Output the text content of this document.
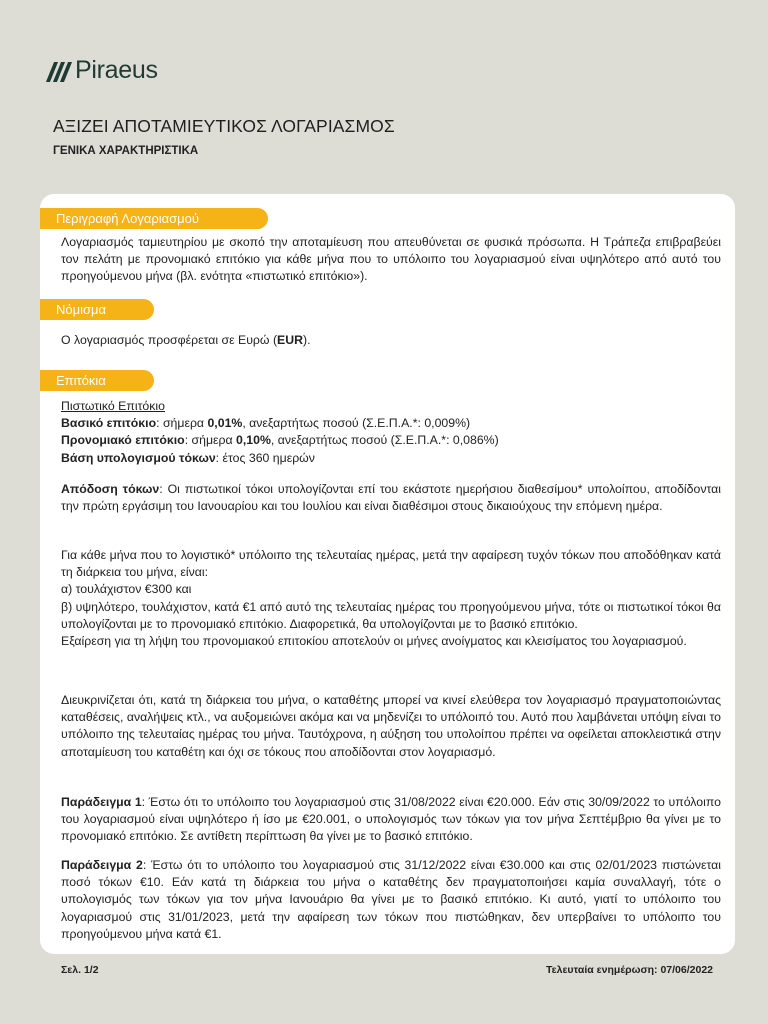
Piraeus
ΑΞΙΖΕΙ ΑΠΟΤΑΜΙΕΥΤΙΚΟΣ ΛΟΓΑΡΙΑΣΜΟΣ
ΓΕΝΙΚΑ ΧΑΡΑΚΤΗΡΙΣΤΙΚΑ
Περιγραφή Λογαριασμού

Λογαριασμός ταμιευτηρίου με σκοπό την αποταμίευση που απευθύνεται σε φυσικά πρόσωπα. Η Τράπεζα επιβραβεύει τον πελάτη με προνομιακό επιτόκιο για κάθε μήνα που το υπόλοιπο του λογαριασμού είναι υψηλότερο από αυτό του προηγούμενου μήνα (βλ. ενότητα «πιστωτικό επιτόκιο»).

Νόμισμα

Ο λογαριασμός προσφέρεται σε Ευρώ (EUR).

Επιτόκια

Πιστωτικό Επιτόκιο

Βασικό επιτόκιο: σήμερα 0,01%, ανεξαρτήτως ποσού (Σ.Ε.Π.Α.*: 0,009%)

Προνομιακό επιτόκιο: σήμερα 0,10%, ανεξαρτήτως ποσού (Σ.Ε.Π.Α.*: 0,086%)

Βάση υπολογισμού τόκων: έτος 360 ημερών

Απόδοση τόκων: Οι πιστωτικοί τόκοι υπολογίζονται επί του εκάστοτε ημερήσιου διαθεσίμου* υπολοίπου, αποδίδονται την πρώτη εργάσιμη του Ιανουαρίου και του Ιουλίου και είναι διαθέσιμοι στους δικαιούχους την επόμενη ημέρα.

Για κάθε μήνα που το λογιστικό* υπόλοιπο της τελευταίας ημέρας, μετά την αφαίρεση τυχόν τόκων που αποδόθηκαν κατά τη διάρκεια του μήνα, είναι:

α) τουλάχιστον €300 και

β) υψηλότερο, τουλάχιστον, κατά €1 από αυτό της τελευταίας ημέρας του προηγούμενου μήνα, τότε οι πιστωτικοί τόκοι θα υπολογίζονται με το προνομιακό επιτόκιο. Διαφορετικά, θα υπολογίζονται με το βασικό επιτόκιο.

Εξαίρεση για τη λήψη του προνομιακού επιτοκίου αποτελούν οι μήνες ανοίγματος και κλεισίματος του λογαριασμού.

Διευκρινίζεται ότι, κατά τη διάρκεια του μήνα, ο καταθέτης μπορεί να κινεί ελεύθερα τον λογαριασμό πραγματοποιώντας καταθέσεις, αναλήψεις κτλ., να αυξομειώνει ακόμα και να μηδενίζει το υπόλοιπό του. Αυτό που λαμβάνεται υπόψη είναι το υπόλοιπο της τελευταίας ημέρας του μήνα. Ταυτόχρονα, η αύξηση του υπολοίπου πρέπει να οφείλεται αποκλειστικά στην αποταμίευση του καταθέτη και όχι σε τόκους που αποδίδονται στον λογαριασμό.

Παράδειγμα 1: Έστω ότι το υπόλοιπο του λογαριασμού στις 31/08/2022 είναι €20.000. Εάν στις 30/09/2022 το υπόλοιπο του λογαριασμού είναι υψηλότερο ή ίσο με €20.001, ο υπολογισμός των τόκων για τον μήνα Σεπτέμβριο θα γίνει με το προνομιακό επιτόκιο. Σε αντίθετη περίπτωση θα γίνει με το βασικό επιτόκιο.

Παράδειγμα 2: Έστω ότι το υπόλοιπο του λογαριασμού στις 31/12/2022 είναι €30.000 και στις 02/01/2023 πιστώνεται ποσό τόκων €10. Εάν κατά τη διάρκεια του μήνα ο καταθέτης δεν πραγματοποιήσει καμία συναλλαγή, τότε ο υπολογισμός των τόκων για τον μήνα Ιανουάριο θα γίνει με το βασικό επιτόκιο. Κι αυτό, γιατί το υπόλοιπο του λογαριασμού στις 31/01/2023, μετά την αφαίρεση των τόκων που πιστώθηκαν, δεν υπερβαίνει το υπόλοιπο του προηγούμενου μήνα κατά €1.

Σελ. 1/2	Τελευταία ενημέρωση: 07/06/2022
